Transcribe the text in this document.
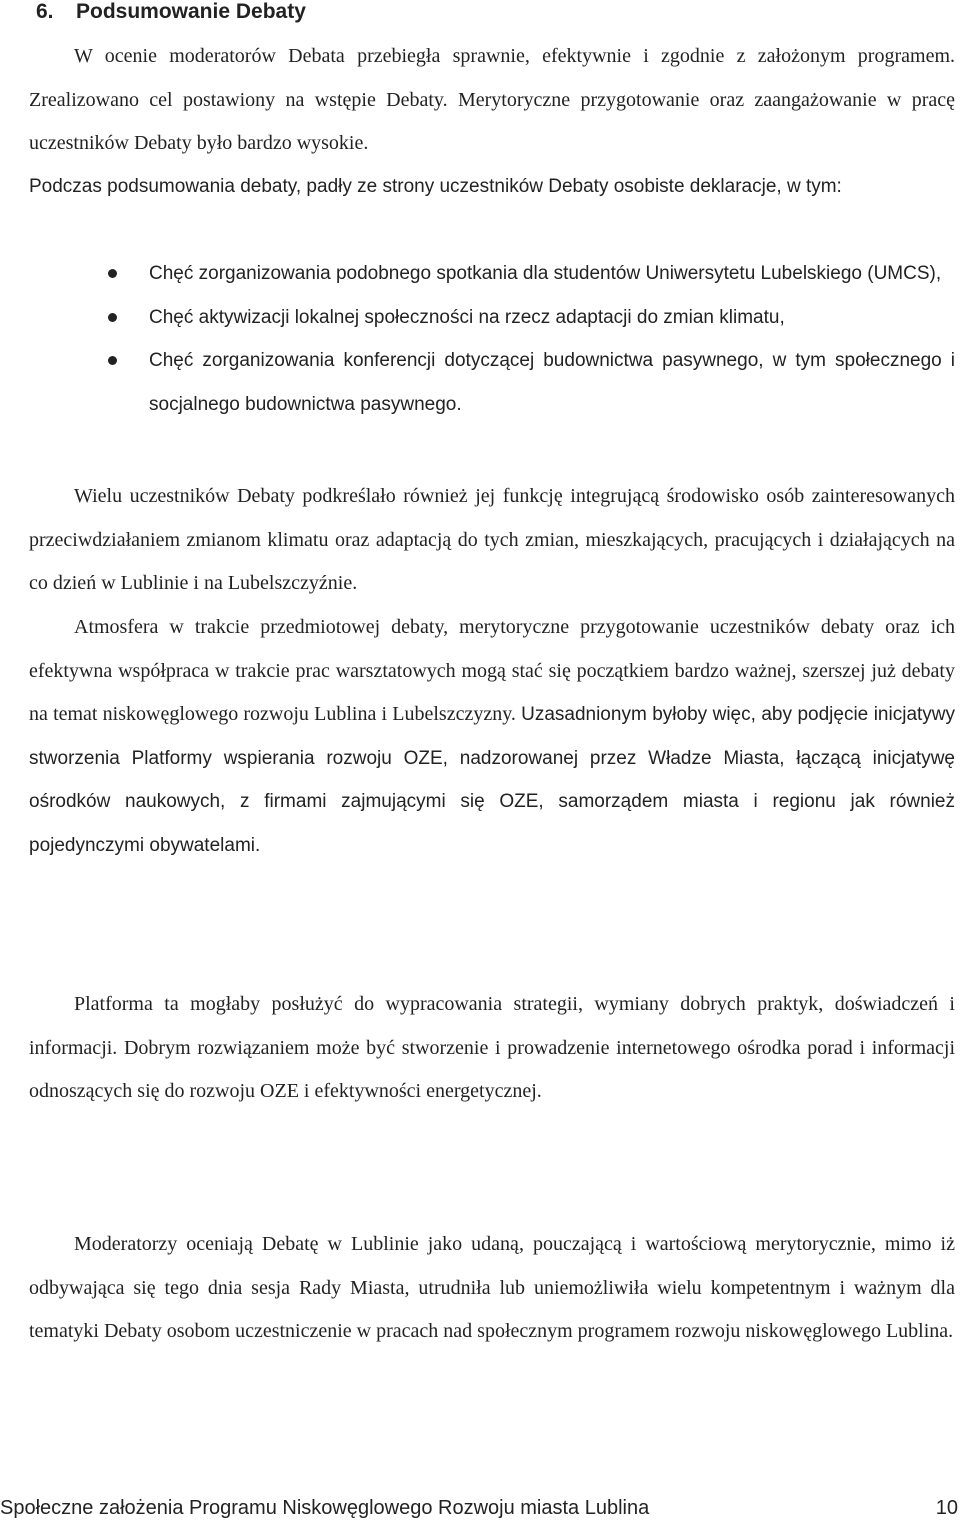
6. Podsumowanie Debaty

W ocenie moderatorów Debata przebiegła sprawnie, efektywnie i zgodnie z założonym programem. Zrealizowano cel postawiony na wstępie Debaty. Merytoryczne przygotowanie oraz zaangażowanie w pracę uczestników Debaty było bardzo wysokie.

Podczas podsumowania debaty, padły ze strony uczestników Debaty osobiste deklaracje, w tym:

Chęć zorganizowania podobnego spotkania dla studentów Uniwersytetu Lubelskiego (UMCS),
Chęć aktywizacji lokalnej społeczności na rzecz adaptacji do zmian klimatu,
Chęć zorganizowania konferencji dotyczącej budownictwa pasywnego, w tym społecznego i socjalnego budownictwa pasywnego.

Wielu uczestników Debaty podkreślało również jej funkcję integrującą środowisko osób zainteresowanych przeciwdziałaniem zmianom klimatu oraz adaptacją do tych zmian, mieszkających, pracujących i działających na co dzień w Lublinie i na Lubelszczyźnie.

Atmosfera w trakcie przedmiotowej debaty, merytoryczne przygotowanie uczestników debaty oraz ich efektywna współpraca w trakcie prac warsztatowych mogą stać się początkiem bardzo ważnej, szerszej już debaty na temat niskowęglowego rozwoju Lublina i Lubelszczyzny. Uzasadnionym byłoby więc, aby podjęcie inicjatywy stworzenia Platformy wspierania rozwoju OZE, nadzorowanej przez Władze Miasta, łączącą inicjatywę ośrodków naukowych, z firmami zajmującymi się OZE, samorządem miasta i regionu jak również pojedynczymi obywatelami.

Platforma ta mogłaby posłużyć do wypracowania strategii, wymiany dobrych praktyk, doświadczeń i informacji. Dobrym rozwiązaniem może być stworzenie i prowadzenie internetowego ośrodka porad i informacji odnoszących się do rozwoju OZE i efektywności energetycznej.

Moderatorzy oceniają Debatę w Lublinie jako udaną, pouczającą i wartościową merytorycznie, mimo iż odbywająca się tego dnia sesja Rady Miasta, utrudniła lub uniemożliwiła wielu kompetentnym i ważnym dla tematyki Debaty osobom uczestniczenie w pracach nad społecznym programem rozwoju niskowęglowego Lublina.

Społeczne założenia Programu Niskowęglowego Rozwoju miasta Lublina	10
